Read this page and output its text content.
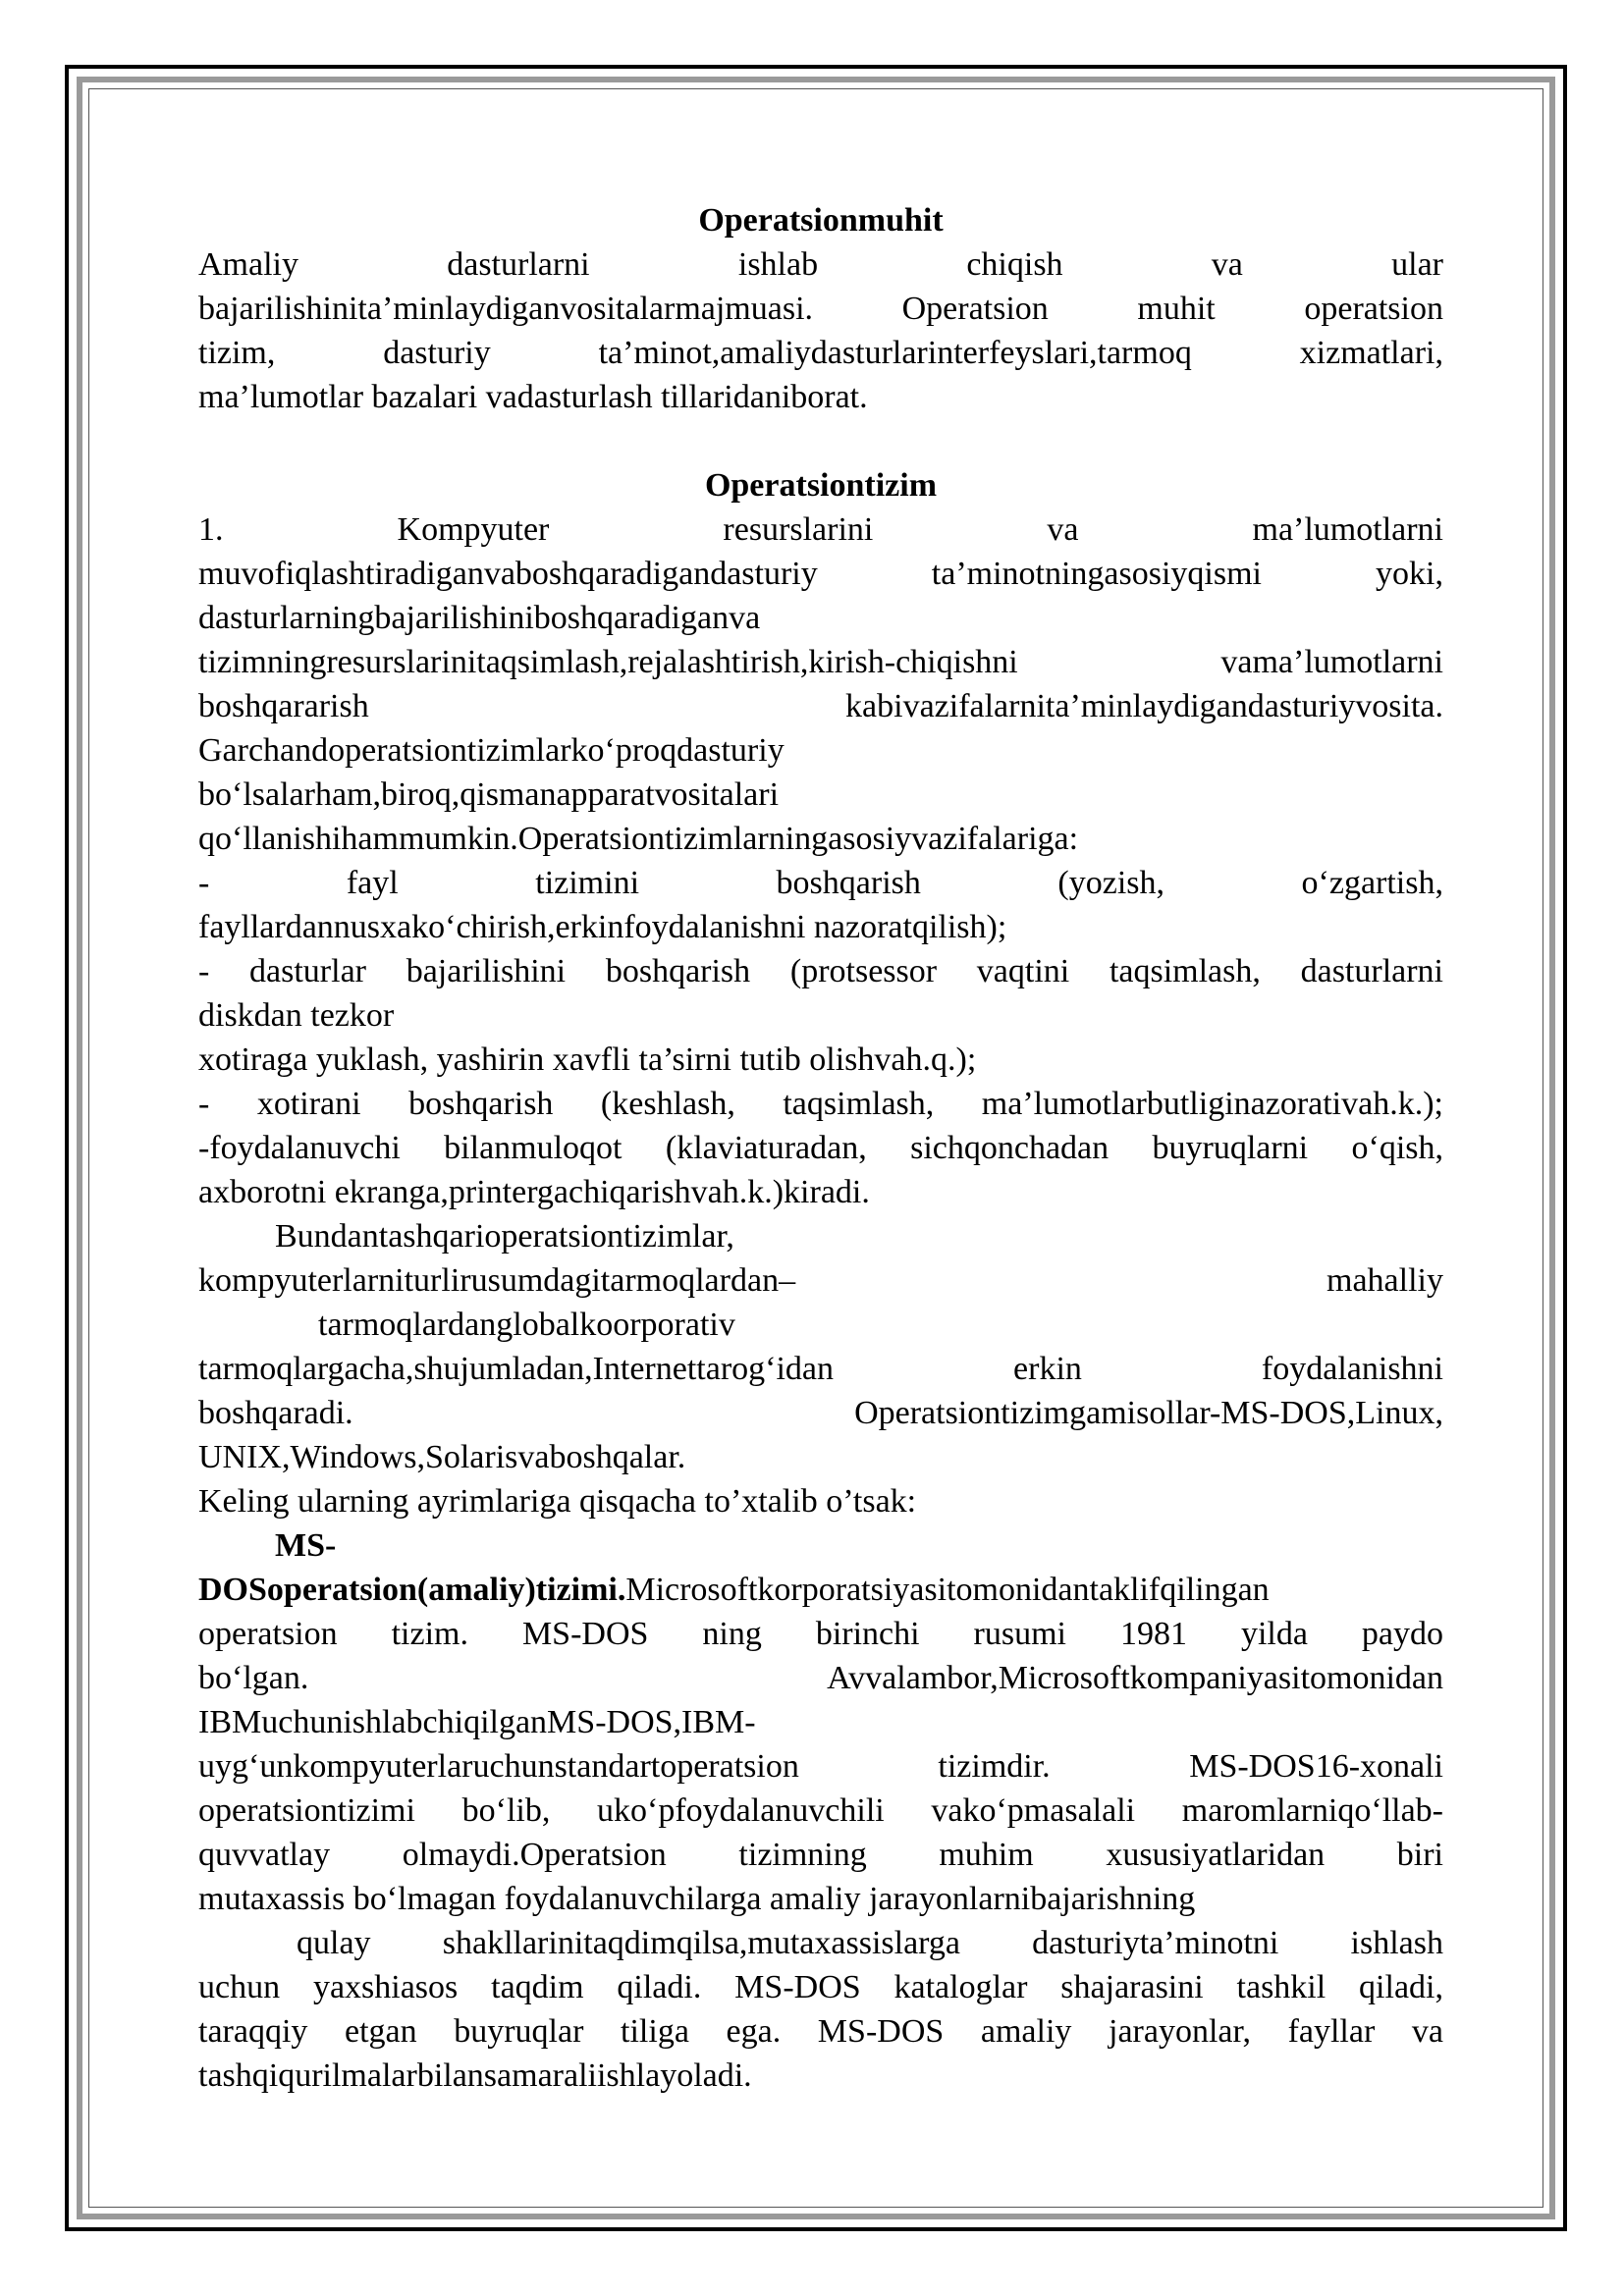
Operatsionmuhit
Amaliy dasturlarni ishlab chiqish va ular
bajarilishinita’minlaydiganvositalarmajmuasi. Operatsion muhit operatsion
tizim, dasturiy ta’minot,amaliydasturlarinterfeyslari,tarmoq xizmatlari,
ma’lumotlar bazalari vadasturlash tillaridaniborat.
Operatsiontizim
1. Kompyuter resurslarini va ma’lumotlarni
muvofiqlashtiradiganvaboshqaradigandasturiy ta’minotningasosiyqismi yoki,
dasturlarningbajarilishiniboshqaradiganva
tizimningresurslarinitaqsimlash,rejalashtirish,kirish-chiqishni vama’lumotlarni
boshqararish kabivazifalarnita’minlaydigandasturiyvosita.
Garchandoperatsiontizimlarko‘proqdasturiy
bo‘lsalarham,biroq,qismanapparatvositalari
qo‘llanishihammumkin.Operatsiontizimlarningasosiyvazifalariga:
- fayl tizimini boshqarish (yozish, o‘zgartish,
fayllardannusxako‘chirish,erkinfoydalanishni nazoratqilish);
- dasturlar bajarilishini boshqarish (protsessor vaqtini taqsimlash, dasturlarni
diskdan tezkor
xotiraga yuklash, yashirin xavfli ta’sirni tutib olishvah.q.);
- xotirani boshqarish (keshlash, taqsimlash, ma’lumotlarbutliginazorativah.k.);
-foydalanuvchi bilanmuloqot (klaviaturadan, sichqonchadan buyruqlarni o‘qish,
axborotni ekranga,printergachiqarishvah.k.)kiradi.
Bundantashqarioperatsiontizimlar,
kompyuterlarniturlirusumdagitarmoqlardan– mahalliy
tarmoqlardanglobalkoorporativ
tarmoqlargacha,shujumladan,Internettarog‘idan erkin foydalanishni
boshqaradi. Operatsiontizimgamisollar-MS-DOS,Linux,
UNIX,Windows,Solarisvaboshqalar.
Keling ularning ayrimlariga qisqacha to’xtalib o’tsak:
MS-
DOSoperatsion(amaliy)tizimi.Microsoftkorporatsiyasitomonidantaklifqilingan
operatsion tizim. MS-DOS ning birinchi rusumi 1981 yilda paydo
bo‘lgan. Avvalambor,Microsoftkompaniyasitomonidan
IBMuchunishlabchiqilganMS-DOS,IBM-
uyg‘unkompyuterlaruchunstandartoperatsion tizimdir. MS-DOS16-xonali
operatsiontizimi bo‘lib, uko‘pfoydalanuvchili vako‘pmasalali maromlarniqo‘llab-
quvvatlay olmaydi.Operatsion tizimning muhim xususiyatlaridan biri
mutaxassis bo‘lmagan foydalanuvchilarga amaliy jarayonlarnibajarishning
qulay shakllarinitaqdimqilsa,mutaxassislarga dasturiyta’minotni ishlash
uchun yaxshiasos taqdim qiladi. MS-DOS kataloglar shajarasini tashkil qiladi,
taraqqiy etgan buyruqlar tiliga ega. MS-DOS amaliy jarayonlar, fayllar va
tashqiqurilmalarbilansamaraliishlayoladi.
